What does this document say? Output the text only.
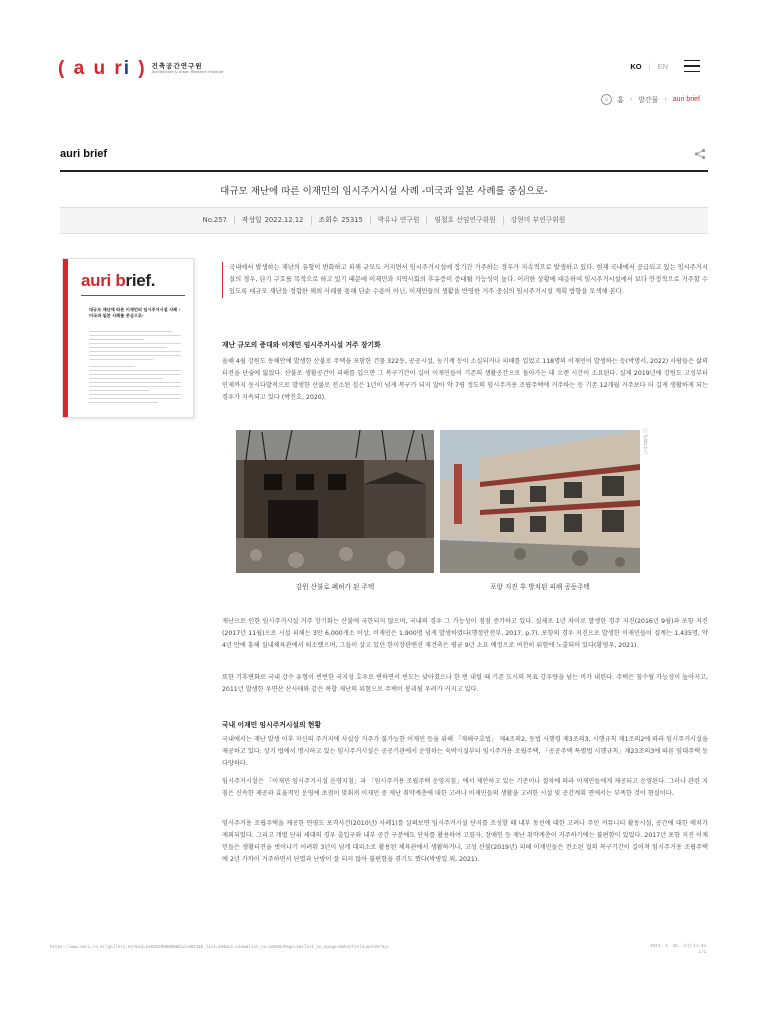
( a u ri ) 건축공간연구원
Architecture & Urban Research Institute
KO | EN
⌂	홈 › 발간물 › auri brief
auri brief
대규모 재난에 따른 이재민의 임시주거시설 사례 -미국과 일본 사례를 중심으로-
No.257	작성일 2022.12.12	조회수 25315	박유나 연구원	염철호 선임연구위원	강현미 부연구위원
auri brief.
대규모 재난에 따른 이재민의 임시주거시설 사례 -미국과 일본 사례를 중심으로-
국내에서 발생하는 재난의 유형이 변화하고 피해 규모도 커지면서 임시주거시설에 장기간 거주하는 경우가 지속적으로 발생하고 있다. 현재 국내에서 공급되고 있는 임시주거시설의 경우, 단기 구호를 목적으로 하고 있기 때문에 이재민과 지역사회의 후유증이 증대될 가능성이 높다. 이러한 상황에 대응하여 임시주거시설에서 보다 안정적으로 거주할 수 있도록 대규모 재난을 경험한 해외 사례를 통해 단순 수용이 아닌, 이재민들의 생활을 반영한 거주 중심의 임시주거시설 계획 방향을 모색해 본다.
재난 규모의 증대와 이재민 임시주거시설 거주 장기화
올해 4월 강원도 동해안에 발생한 산불로 주택을 포함한 건물 322동, 공공시설, 농기계 등이 소실되거나 피해를 입었고 118명의 이재민이 발생하는 등(박명서, 2022) 사람들은 삶의 터전을 단숨에 잃었다. 산불로 생활공간이 피해를 입으면 그 복구기간이 길어 이재민들이 기존의 생활공간으로 돌아가는 데 오랜 시간이 소요된다. 실제 2019년에 강원도 고성부터 인제까지 동시다발적으로 발생한 산불로 전소된 집은 1년이 넘게 복구가 되지 않아 약 7평 정도의 임시주거용 조립주택에 거주하는 등 기존 12개월 거주보다 더 길게 생활하게 되는 경우가 지속되고 있다 (박진호, 2020).
ⓒ 연합뉴스
강원 산불로 폐허가 된 주택	포항 지진 후 방치된 피해 공동주택
재난으로 인한 임시주거시설 거주 장기화는 산불에 국한되지 않으며, 국내의 경우 그 가능성이 점점 증가하고 있다. 실제로 1년 차이로 발생한 경주 지진(2016년 9월)과 포항 지진(2017년 11월)으로 시설 피해는 3만 6,000개소 이상, 이재민은 1,900명 넘게 발생하였다(행정안전부, 2017, p.7). 포항의 경우 지진으로 발생한 이재민들이 집계는 1,435명, 약 4년 만에 흥해 실내체육관에서 퇴소했으며, 그들이 살고 있던 한미장관맨션 재건축은 평균 9년 소요 예정으로 여전히 위험에 노출되어 있다(황영우, 2021).
또한 기후변화로 국내 강수 유형이 빈번한 국지성 호우로 변하면서 빈도는 낮아졌으나 한 번 내릴 때 기존 도시의 목표 강우량을 넘는 비가 내린다. 주택은 침수될 가능성이 높아지고, 2011년 발생한 우면산 산사태와 같은 복합 재난의 위험으로 주택이 붕괴될 우려가 커지고 있다.
국내 이재민 임시주거시설의 현황
국내에서는 재난 발생 이후 자신의 주거지에 사실상 거주가 불가능한 이재민 등을 위해 「재해구호법」 제4조의2, 동법 시행령 제3조의3, 시행규칙 제1조의2에 따라 임시주거시설을 제공하고 있다. 상기 법에서 명시하고 있는 임시주거시설은 공공기관에서 운영하는 숙박시설부터 임시주거용 조립주택, 「공공주택 특별법 시행규칙」제23조의3에 따른 임대주택 등 다양하다.
임시주거시설은 「이재민 임시주거시설 운영지침」과 「임시주거용 조립주택 운영지침」에서 제안하고 있는 기준이나 절차에 따라 이재민들에게 제공되고 운영된다. 그러나 관련 지침은 신속한 제공과 효율적인 운영에 초점이 맞춰져 이재민 중 재난 취약계층에 대한 고려나 이재민들의 생활을 고려한 시설 및 공간계획 면에서는 부족한 것이 현실이다.
임시주거용 조립주택을 제공한 연평도 포격사건(2010년) 사례1)를 살펴보면 임시주거시설 단지를 조성할 때 내부 동선에 대한 고려나 주민 커뮤니티 활동시설, 공간에 대한 배치가 제외되었다. 그리고 개별 단위 세대의 경우 출입구와 내부 공간 구분에도 단차를 활용하여 고령자, 장애인 등 재난 취약계층이 거주하기에는 불편함이 있었다. 2017년 포항 지진 이재민들은 생활터전을 벗어나기 어려워 3년이 넘게 대피소로 활용된 체육관에서 생활하거나, 고성 산불(2019년) 피해 이재민들은 전소된 집의 복구기간이 길어져 임시주거용 조립주택에 2년 가까이 거주하면서 단열과 난방이 잘 되지 않아 불편함을 겪기도 했다(박병일 외, 2021).
https://www.auri.re.kr/gallery.es?mid=a10303000000&bid=0011&b_list=10&act=view&list_no=1883&nPage=1&vlist_no_npage=0&keyField=&orderby=	2023. 4. 25. 오전 11:04
1/1
